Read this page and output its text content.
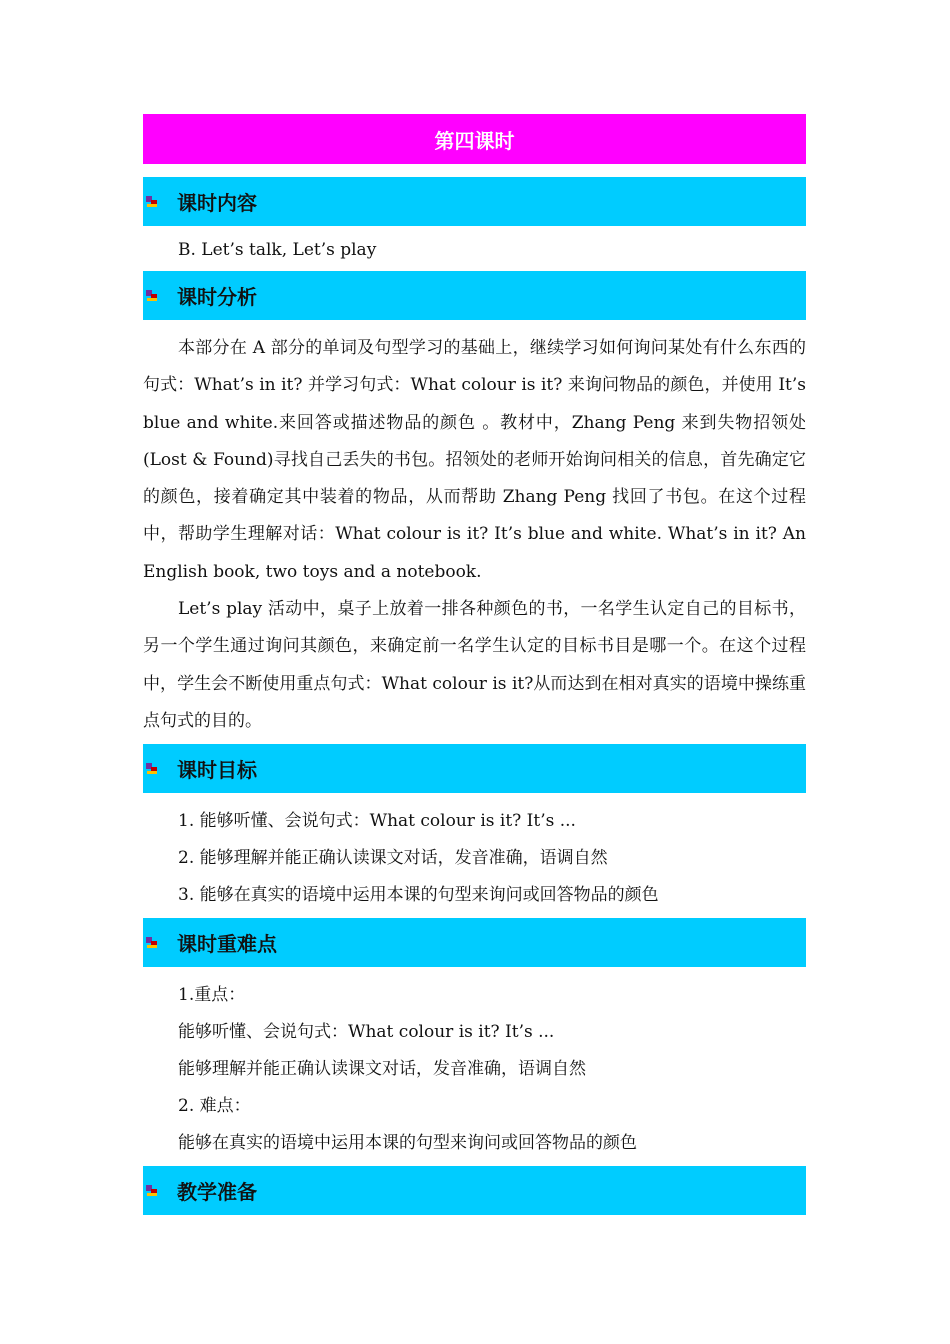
第四课时
课时内容
B. Let’s talk, Let’s play
课时分析

本部分在 A 部分的单词及句型学习的基础上，继续学习如何询问某处有什么东西的句式：What’s in it? 并学习句式：What colour is it? 来询问物品的颜色，并使用 It’s blue and white.来回答或描述物品的颜色 。教材中，Zhang Peng 来到失物招领处(Lost & Found)寻找自己丢失的书包。招领处的老师开始询问相关的信息，首先确定它的颜色，接着确定其中装着的物品，从而帮助 Zhang Peng 找回了书包。在这个过程中，帮助学生理解对话：What colour is it? It’s blue and white. What’s in it? An English book, two toys and a notebook.

Let’s play 活动中，桌子上放着一排各种颜色的书，一名学生认定自己的目标书，另一个学生通过询问其颜色，来确定前一名学生认定的目标书目是哪一个。在这个过程中，学生会不断使用重点句式：What colour is it?从而达到在相对真实的语境中操练重点句式的目的。

课时目标
1. 能够听懂、会说句式：What colour is it? It’s ...
2. 能够理解并能正确认读课文对话，发音准确，语调自然
3. 能够在真实的语境中运用本课的句型来询问或回答物品的颜色
课时重难点
1.重点：
能够听懂、会说句式：What colour is it? It’s ...
能够理解并能正确认读课文对话，发音准确，语调自然
2. 难点：
能够在真实的语境中运用本课的句型来询问或回答物品的颜色
教学准备
